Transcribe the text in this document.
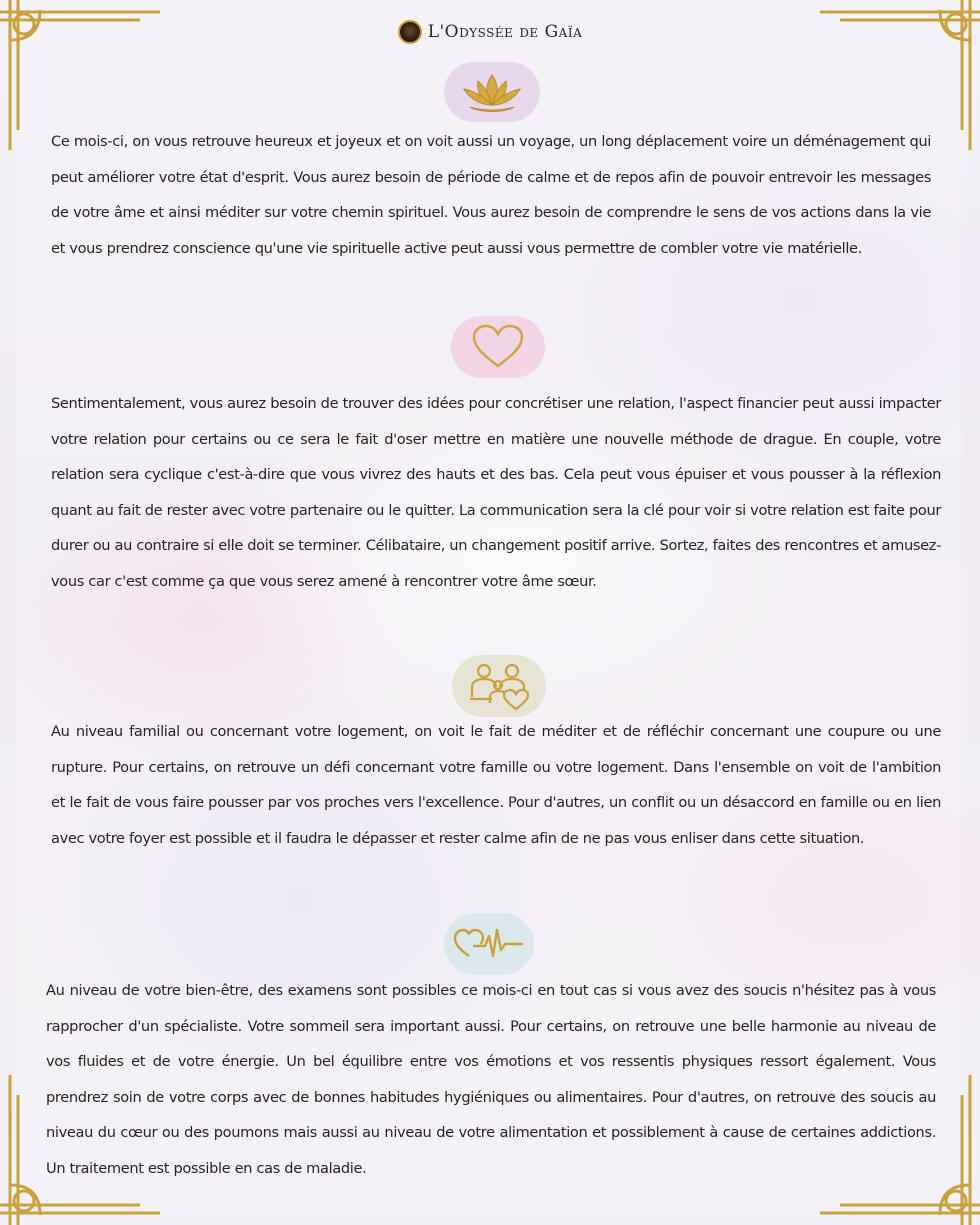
L'Odyssée de Gaïa

Ce mois-ci, on vous retrouve heureux et joyeux et on voit aussi un voyage, un long déplacement voire un déménagement qui peut améliorer votre état d'esprit. Vous aurez besoin de période de calme et de repos afin de pouvoir entrevoir les messages de votre âme et ainsi méditer sur votre chemin spirituel. Vous aurez besoin de comprendre le sens de vos actions dans la vie et vous prendrez conscience qu'une vie spirituelle active peut aussi vous permettre de combler votre vie matérielle.

Sentimentalement, vous aurez besoin de trouver des idées pour concrétiser une relation, l'aspect financier peut aussi impacter votre relation pour certains ou ce sera le fait d'oser mettre en matière une nouvelle méthode de drague. En couple, votre relation sera cyclique c'est-à-dire que vous vivrez des hauts et des bas. Cela peut vous épuiser et vous pousser à la réflexion quant au fait de rester avec votre partenaire ou le quitter. La communication sera la clé pour voir si votre relation est faite pour durer ou au contraire si elle doit se terminer. Célibataire, un changement positif arrive. Sortez, faites des rencontres et amusez-vous car c'est comme ça que vous serez amené à rencontrer votre âme sœur.

Au niveau familial ou concernant votre logement, on voit le fait de méditer et de réfléchir concernant une coupure ou une rupture. Pour certains, on retrouve un défi concernant votre famille ou votre logement. Dans l'ensemble on voit de l'ambition et le fait de vous faire pousser par vos proches vers l'excellence. Pour d'autres, un conflit ou un désaccord en famille ou en lien avec votre foyer est possible et il faudra le dépasser et rester calme afin de ne pas vous enliser dans cette situation.

Au niveau de votre bien-être, des examens sont possibles ce mois-ci en tout cas si vous avez des soucis n'hésitez pas à vous rapprocher d'un spécialiste. Votre sommeil sera important aussi. Pour certains, on retrouve une belle harmonie au niveau de vos fluides et de votre énergie. Un bel équilibre entre vos émotions et vos ressentis physiques ressort également. Vous prendrez soin de votre corps avec de bonnes habitudes hygiéniques ou alimentaires. Pour d'autres, on retrouve des soucis au niveau du cœur ou des poumons mais aussi au niveau de votre alimentation et possiblement à cause de certaines addictions. Un traitement est possible en cas de maladie.
